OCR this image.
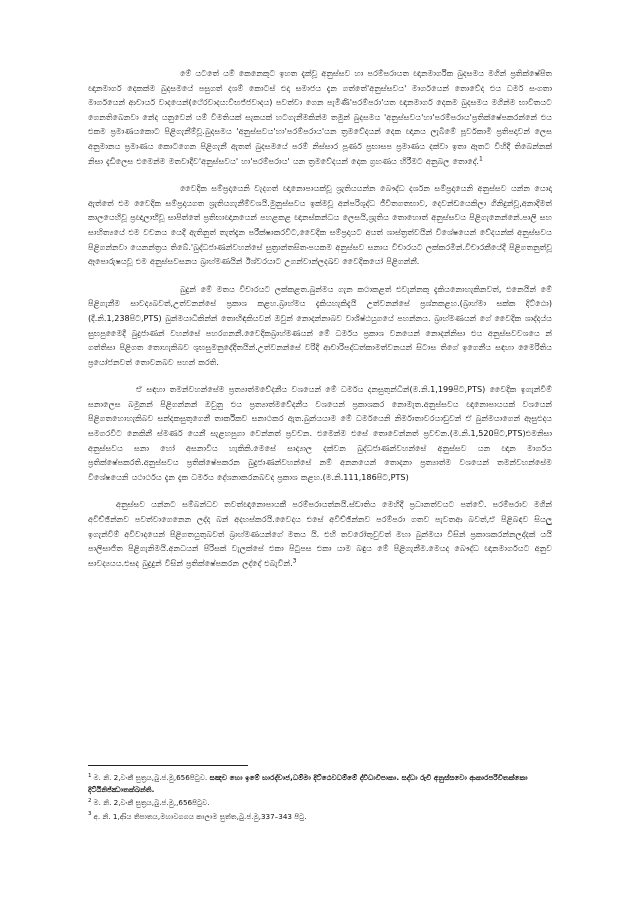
මේ යටතේ යම් කෙනෙකුට ඉහත දැක්වූ අනුස්සව හා පරම්පරායත ඥානමාර්ගික බුදසමය මගින් ප්‍රතික්ෂේපිත ඥානමාර්ග දෙකක්ම බුදසමයේ පසුගත් දශම් කොටස් එදා සමාජය දැන ගත්තේ'අනුස්සවය' මාර්ගයෙන් තොවේද එය ධර්ම සංගතා මාර්ගයෙන් ආචාර්ය වාදයෙන්(ථේරවාදය:විභජ්ජවාදය) පවත්වා ගෙන පැමිණි'පරම්පරා'යත ඥානමාර්ග දෙකම බුදසමය මගින්ම භාවිතයට ගෙනතිබෙනවා නේද යනුවෙන් යම් විමතියක් සැකයක් හටගැනීමකින්ම තමුන් බුදසමය 'අනුස්සවය'හා'පරම්පරාය'ප්‍රතික්ෂේපකරන්නේ එය එකම ප්‍රමාණයකොට පිළිගැනීම්වූ.බුදසමය 'අනුස්සවය'හා'පරම්පරාය'යන ත්‍රමවේදයන් දෙක ඥානය ලැබීමේ පූර්වකාමී ප්‍රතිපදාවන් ලෙස අනුමානය ප්‍රමාණය කොටගෙන පිළිගැනී ඇතත් බුදසමයේ පරම් නිස්සාර පූර්ණ ප්‍රභාසප ප්‍රමාණය දක්වා ඉතා ඈතට විහිදී තිබෙන්නක් නිසා දැඩිලෙස එමෙන්ම මතවාදීව'අනුස්සවය' හා'පරම්පරාය' යන ත්‍රමවේදයන් දෙක ග්‍රහණය හිරීමට අනුබල තොදේ.$^1$

වෛදික සම්ප්‍රදායෙනි වැදගත් ඥානොපායක්වූ ශ්‍රැතියයන්න බෞද්ධ දර්ශන සම්ප්‍රදායෙනි අනුස්සව යන්න යොදා ඇත්තේ එම වෛදික සම්ප්‍රදායගත ශ්‍රැතියගැනීම්වශයි.මුනුස්සවය ඉක්මවූ අන්පරිශුද්ධ ජීවිතගතභාව, දෙවන්ඩයෙකිලා ගිනිදුන්වූ,අනාදිමත් කාලයෙහිවූ ප්‍රඥාලාභීවූ සාපිත්තේ ප්‍රතිභාඥානයෙන් පහළකළ ඥානස්කන්ධය ලෙසයි,ශ්‍රැතිය තොහොත් අනුස්සවය පිළිගැනෙන්නේ.පාලි සහ සාහිත්‍යයේ එම වචනය යෙදී ඇතිනුත් තැත්දැන පරීක්ෂාකරවිට,වෛදික සම්ප්‍රදායට අයත් ශාස්ත්‍රත්වයින් විශේෂයෙන් වේදයන්ක් අනුස්සවය පිළිගන්නවා යෙනන්ත්‍රය තිබේ.'බුද්ධජාණන්වහන්සේ සුත්‍රාන්තසිතංපයකම අනුස්සව සනාය විචාරයට ලක්කරමින්.විචාරකීයේදී පිළිගතනුත්වූ ඈපොරුෂයවූ එම අනුස්සවසනය බ්‍රාහ්මණයින් ඊශ්වරයාට උගන්වාන්ලදඛව වෛදිකයෝ පිළිගන්නී.

බුදුන් මේ මතය විචාරයට ලක්කළත.බුන්මය ගැන කථාකළත් එවැන්නකු දැකියනොහැකිනවත්, එනෙයින් මේ පිළිගැනීම සාවද්‍යබවත්,උත්වනන්සේ ප්‍රකාශ කළහ.බ්‍රාහ්මය දැකියහැකිදැයි උත්වනන්සේ ප්‍රශ්නකළහ.(බ්‍රාහ්මා සක්ක දිට්ඨො) (දී.නි.1,238පිට,PTS) බුන්මයාධිකින්න් තොහිඳකියවන් ඔවුන් නොදන්නාබව වාශිෂ්ඨයුගයේ පහන්නය. බ්‍රාහ්මණයන් ගේ වෛදික ශාද්දය්ය සුභපුමෛදී බුදුජාණන් වහන්සේ පහරගනනී.වෛදිකබ්‍රාහ්මණයන් මේ ධර්මය ප්‍රකාශ වනයෙන් නොදන්නිසා එය අනුස්සවවශයෙ න් ගත්තිසා පිළිගත තොහැකිබව ශුභසුමනුදේදිතයින්.උත්වනන්සේ වරිදී ආචාරිපද්ධත්කාමත්වනයන් සිටාස තිගේ ඉගෙනීය සඳහා මෛරිතිය ප්‍රයෝජනවත් තොවනබව පහන් කරති.

ඒ සඳහා තමන්වහන්සේම ප්‍රත්‍යාත්මවේදනීය වශයෙන් මේ ධර්මය දනසුතුන්ධින්(ම.නි.1,199පිට,PTS) වෛදික ඉගැන්වීම් සනාලෙස බමුනන් පිළිගන්නන් ඔවුනු එය ප්‍රත්‍යාත්මවේදනීය වශයෙන් ප්‍රකාශකර නොමැත.අනුස්සවය ඥානොපායයක් වශයෙන් පිළිගතහොහැකිබව සන්දකසුතුගෙනී තාර්කිකව සනාථකර ඇත.බුන්යයාම මේ ධර්මයෙනි නිර්මාතාවරයාඩුවන් ඒ බුන්මයාගෙන් ඈසුළුදය සමගරවීට නෙකිනී ස්මර්ණ යෙනී සැළහපුගා වෙන්නත් ප්‍රවචන. එමෙන්ම එසේ තොවෙන්නත් ප්‍රවචන.(ම.නි.1,520පිට,PTS)එමනිසා අනුස්සවය සනා හෝ අසනාවිය හැකිකි.මෙසේ සාද්‍යාල දක්වන බුද්ධජාණන්වහන්සේ අනුස්සව යන ඥාන මාර්ගය ප්‍රතික්ෂේපකරති.අනුස්සවය ප්‍රතික්ෂේපකරන බුදුජාණන්වහන්සේ නම් අනනයෙන් තොදනා ප්‍රත්‍යාත්ම වශයෙන් තමන්වහන්සේම විශේෂයෙනි යථාර්ථය දැන දැක ධර්මය දේශනාකරනබවද ප්‍රකාශ කළහ.(ම.නි.111,186පිට,PTS)

අනුස්සව යන්නට සම්බන්ධව තවත්ඥානොපායකී පරම්පරායත්නයි.ස්ඩාතිය මෙහිදී ප්‍රධානත්වයට පත්වේ. පරම්පරාව මගින් අවිච්ඡින්නව පවත්වාගෙනෙන ලද්ද බන් අදහස්කරයි.වෛදය එසේ අවිච්ඡින්නව පරම්පරා ගතව පැවතආ බවත්,ඒ පිළිබඳව සියලු ඉගැන්වීම් අවිවාදයෙන් පිළිගතයුතුබවත් බ්‍රාහ්මණයන්ගේ මතය යි. එහි තවරෝතුවුවත් මහා බුන්මයා විසින් ප්‍රකාශකරන්නලද්දක් යයි පාලිසාජිත පිළිගැනිමයි.අනධයන් පිරිසක් වැලක්සේ එකා පිටුපස එකා යාම බඳුය මේ පිළිගැනීම.මෙයද බෞද්ධ ඥානමාර්ගයට අනුව සාවද්‍යයය.එසද බුදුදුන් විසින් ප්‍රතික්ෂේපකරන ලද්දේ එබැවින්.$^3$

$^1$ ම. නි. 2,වංකී සුත්‍රය,බු.ජ.මු,656පිටුව. සඤච හො ඉමේ භාරද්වාජ,ධම්මා දිට්ඨෙවධම්මේ ද්විධාවිපාකා. සද්ධා රුචි අනුස්සවො ආකාරපරිවිතක්කො දිට්ඨිනිජ්ඣාතක්ඛන්ති.

$^2$ ම. නි. 2,වංකී සුත්‍රය,බු.ජ.මු,,656පිටුව.

$^3$ අ. නි. 1,ආිය තිපාතය,මහාවගගය කාලාම සුත්‍ත,බු.ජ.මු,337–343 පිටු.
